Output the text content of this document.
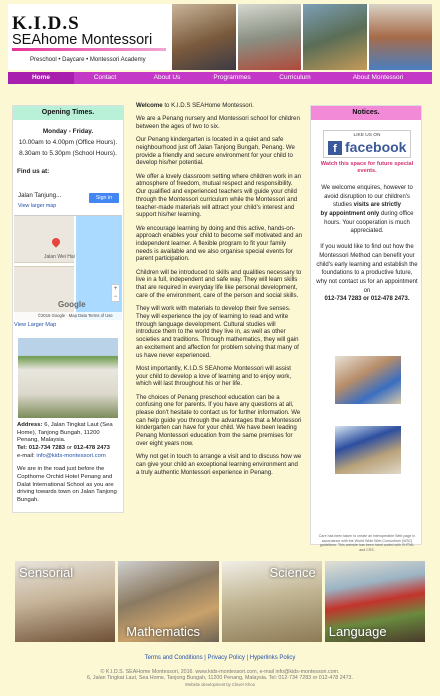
K.I.D.S
SEAhome Montessori
Preschool • Daycare • Montessori Academy
Home	Contact	About Us	Programmes	Curriculum	About Montessori
Opening Times.
Monday - Friday.
10.00am to 4.00pm (Office Hours).
8.30am to 5.30pm (School Hours).
Find us at:
Jalan Tanjung...
View larger map
Sign in
Jalan Wei Hai
+
−
Google
©2016 Google · Map Data Terms of Use
View Larger Map
Address: 6, Jalan Tingkat Laut (Sea Home), Tanjong Bungah, 11200 Penang, Malaysia.
Tel: 012-734 7283 or 012-478 2473
e-mail: info@kids-montessori.com
We are in the road just before the Copthorne Orchid Hotel Penang and Dalat International School as you are driving towards town on Jalan Tanjong Bungah.

Welcome to K.I.D.S SEAHome Montessori.

We are a Penang nursery and Montessori school for children between the ages of two to six.

Our Penang kindergarten is located in a quiet and safe neighbourhood just off Jalan Tanjong Bungah, Penang. We provide a friendly and secure environment for your child to develop his/her potential.

We offer a lovely classroom setting where children work in an atmosphere of freedom, mutual respect and responsibility. Our qualified and experienced teachers will guide your child through the Montessori curriculum while the Montessori and teacher-made materials will attract your child's interest and support his/her learning.

We encourage learning by doing and this active, hands-on-approach enables your child to become self motivated and an independent learner. A flexible program to fit your family needs is available and we also organise special events for parent participation.

Children will be introduced to skills and qualities necessary to live in a full, independent and safe way. They will learn skills that are required in everyday life like personal development, care of the environment, care of the person and social skills.

They will work with materials to develop their five senses. They will experience the joy of learning to read and write through language development. Cultural studies will introduce them to the world they live in, as well as other societies and traditions. Through mathematics, they will gain an excitement and affection for problem solving that many of us have never experienced.

Most importantly, K.I.D.S SEAhome Montessori will assist your child to develop a love of learning and to enjoy work, which will last throughout his or her life.

The choices of Penang preschool education can be a confusing one for parents. If you have any questions at all, please don't hesitate to contact us for further information. We can help guide you through the advantages that a Montessori kindergarten can have for your child. We have been leading Penang Montessori education from the same premises for over eight years now.

Why not get in touch to arrange a visit and to discuss how we can give your child an exceptional learning environment and a truly authentic Montessori experience in Penang.

Notices.
LIKE US ON
f facebook
Watch this space for future special events.
We welcome enquires, however to avoid disruption to our children's studies visits are strictly
by appointment only during office hours. Your cooperation is much appreciated.
If you would like to find out how the Montessori Method can benefit your child's early learning and establish the foundations to a productive future, why not contact us for an appointment on
012-734 7283 or 012-478 2473.
Care has been taken to create an interoperable Web page in accordance with the World Wide Web Consortium (W3C) guidelines. This website has been hand coded with XHTML and CSS.
Sensorial
Mathematics
Science
Language
Terms and Conditions | Privacy Policy | Hyperlinks Policy
© K.I.D.S. SEAHome Montessori, 2016. www.kids-montessori.com, e-mail info@kids-montessori.com.
6, Jalan Tingkat Laut, Sea Home, Tanjong Bungah, 11200 Penang, Malaysia. Tel: 012-734 7283 or 012-478 2473.
Website development by Clover Khoo
